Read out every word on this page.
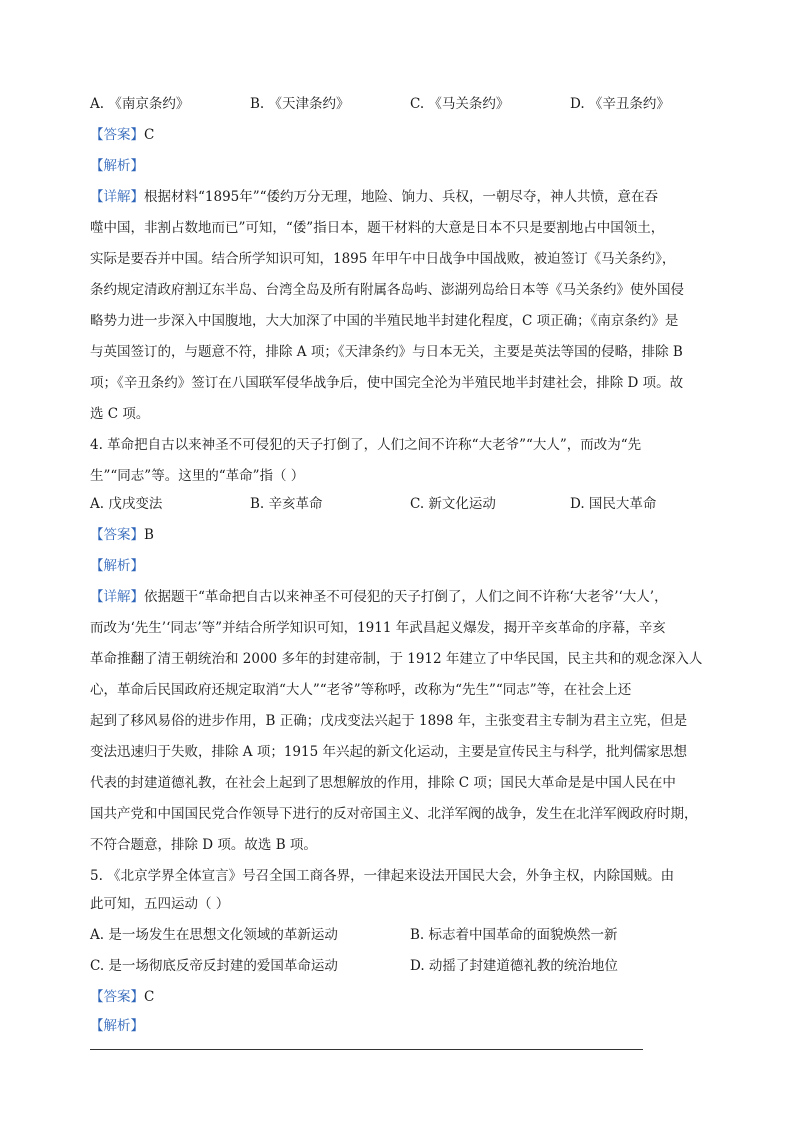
A. 《南京条约》	B. 《天津条约》	C. 《马关条约》	D. 《辛丑条约》
【答案】C
【解析】
【详解】根据材料“1895年”“倭约万分无理，地险、饷力、兵权，一朝尽夺，神人共愤，意在吞
噬中国，非割占数地而已”可知，“倭”指日本，题干材料的大意是日本不只是要割地占中国领土，
实际是要吞并中国。结合所学知识可知，1895 年甲午中日战争中国战败，被迫签订《马关条约》，
条约规定清政府割辽东半岛、台湾全岛及所有附属各岛屿、澎湖列岛给日本等《马关条约》使外国侵
略势力进一步深入中国腹地，大大加深了中国的半殖民地半封建化程度，C 项正确；《南京条约》是
与英国签订的，与题意不符，排除 A 项；《天津条约》与日本无关，主要是英法等国的侵略，排除 B
项；《辛丑条约》签订在八国联军侵华战争后，使中国完全沦为半殖民地半封建社会，排除 D 项。故
选 C 项。
4. 革命把自古以来神圣不可侵犯的天子打倒了，人们之间不许称“大老爷”“大人”，而改为“先
生”“同志”等。这里的“革命”指（ ）
A. 戊戌变法	B. 辛亥革命	C. 新文化运动	D. 国民大革命
【答案】B
【解析】
【详解】依据题干“革命把自古以来神圣不可侵犯的天子打倒了，人们之间不许称‘大老爷’‘大人’，
而改为‘先生’‘同志’等”并结合所学知识可知，1911 年武昌起义爆发，揭开辛亥革命的序幕，辛亥
革命推翻了清王朝统治和 2000 多年的封建帝制，于 1912 年建立了中华民国，民主共和的观念深入人
心，革命后民国政府还规定取消“大人”“老爷”等称呼，改称为“先生”“同志”等，在社会上还
起到了移风易俗的进步作用，B 正确；戊戌变法兴起于 1898 年，主张变君主专制为君主立宪，但是
变法迅速归于失败，排除 A 项；1915 年兴起的新文化运动，主要是宣传民主与科学，批判儒家思想
代表的封建道德礼教，在社会上起到了思想解放的作用，排除 C 项；国民大革命是是中国人民在中
国共产党和中国国民党合作领导下进行的反对帝国主义、北洋军阀的战争，发生在北洋军阀政府时期，
不符合题意，排除 D 项。故选 B 项。
5. 《北京学界全体宣言》号召全国工商各界，一律起来设法开国民大会，外争主权，内除国贼。由
此可知，五四运动（ ）
A. 是一场发生在思想文化领域的革新运动	B. 标志着中国革命的面貌焕然一新
C. 是一场彻底反帝反封建的爱国革命运动	D. 动摇了封建道德礼教的统治地位
【答案】C
【解析】
